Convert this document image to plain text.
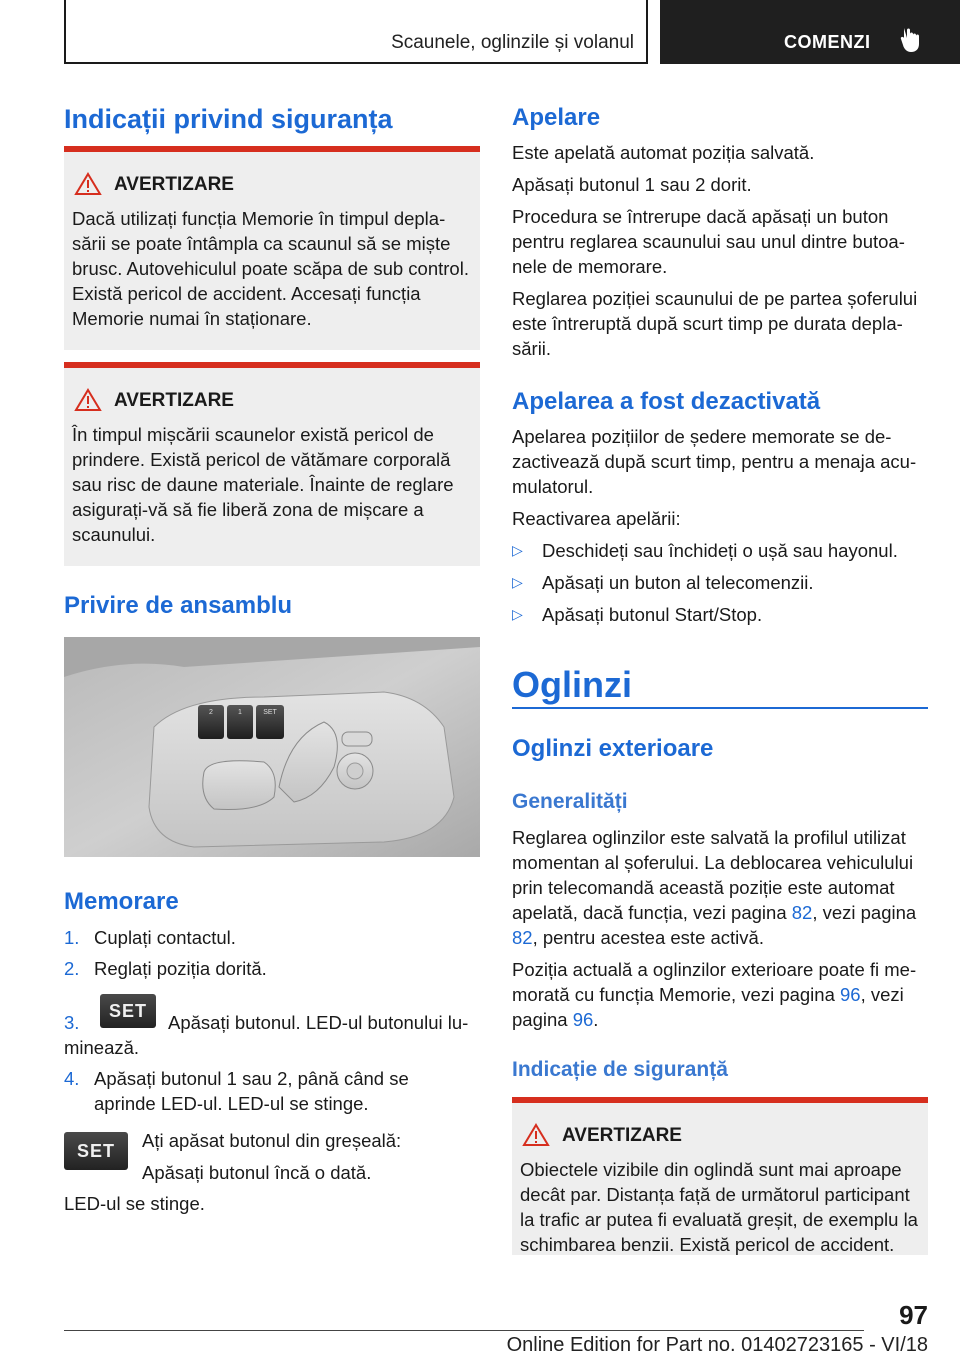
Scaunele, oglinzile și volanul	COMENZI
Indicații privind siguranța
AVERTIZARE
Dacă utilizați funcția Memorie în timpul deplasării se poate întâmpla ca scaunul să se miște brusc. Autovehiculul poate scăpa de sub control. Există pericol de accident. Accesați funcția Memorie numai în staționare.
AVERTIZARE
În timpul mișcării scaunelor există pericol de prindere. Există pericol de vătămare corporală sau risc de daune materiale. Înainte de reglare asigurați-vă să fie liberă zona de mișcare a scaunului.
Privire de ansamblu
2	1	SET
Memorare
1. Cuplați contactul.
2. Reglați poziția dorită.
3.
SET
Apăsați butonul. LED-ul butonului luminează.
4. Apăsați butonul 1 sau 2, până când se aprinde LED-ul. LED-ul se stinge.
SET Ați apăsat butonul din greșeală:
Apăsați butonul încă o dată.
LED-ul se stinge.
Apelare
Este apelată automat poziția salvată.
Apăsați butonul 1 sau 2 dorit.
Procedura se întrerupe dacă apăsați un buton pentru reglarea scaunului sau unul dintre butoanele de memorare.
Reglarea poziției scaunului de pe partea șoferului este întreruptă după scurt timp pe durata deplasării.
Apelarea a fost dezactivată
Apelarea pozițiilor de ședere memorate se dezactivează după scurt timp, pentru a menaja acumulatorul.
Reactivarea apelării:
▷ Deschideți sau închideți o ușă sau hayonul.
▷ Apăsați un buton al telecomenzii.
▷ Apăsați butonul Start/Stop.
Oglinzi
Oglinzi exterioare
Generalități
Reglarea oglinzilor este salvată la profilul utilizat momentan al șoferului. La deblocarea vehiculului prin telecomandă această poziție este automat apelată, dacă funcția, vezi pagina 82, vezi pagina 82, pentru acestea este activă.
Poziția actuală a oglinzilor exterioare poate fi memorată cu funcția Memorie, vezi pagina 96, vezi pagina 96.
Indicație de siguranță
AVERTIZARE
Obiectele vizibile din oglindă sunt mai aproape decât par. Distanța față de următorul participant la trafic ar putea fi evaluată greșit, de exemplu la schimbarea benzii. Există pericol de accident.
97
Online Edition for Part no. 01402723165 - VI/18
